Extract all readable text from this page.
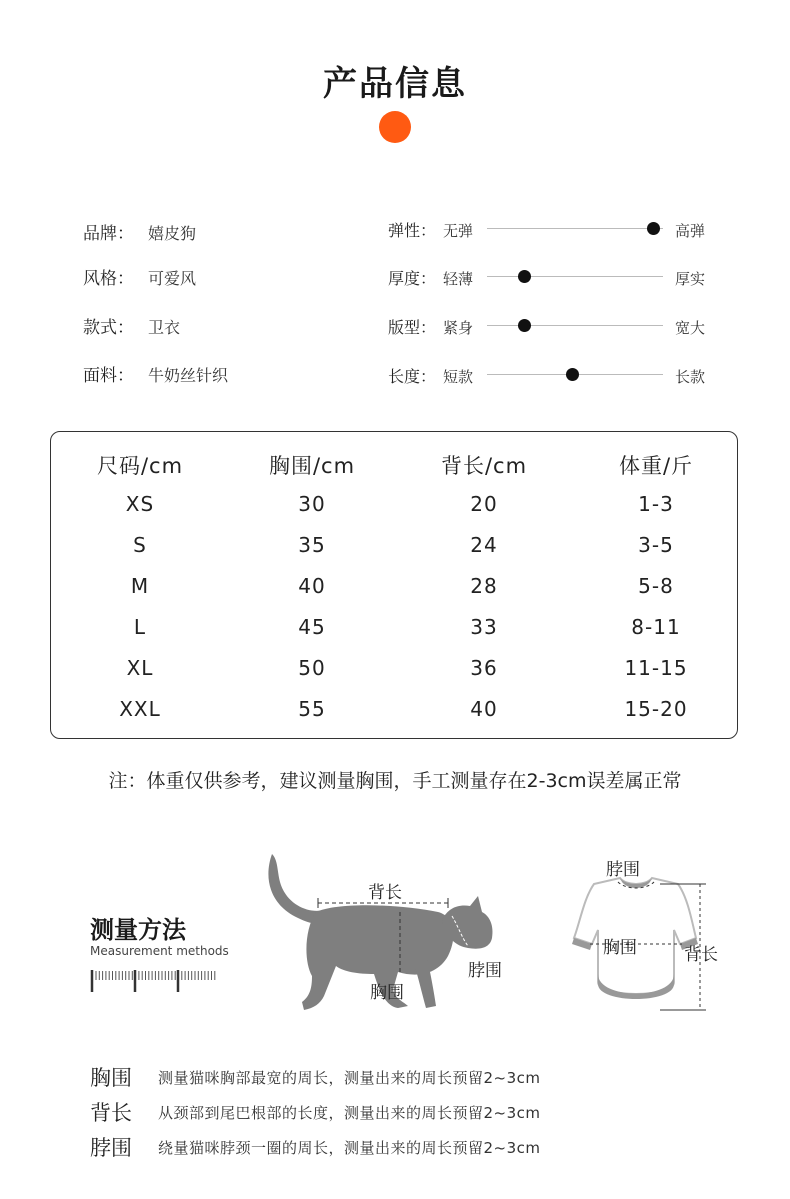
产品信息
品牌： 嬉皮狗
风格： 可爱风
款式： 卫衣
面料： 牛奶丝针织
弹性： 无弹	高弹
厚度： 轻薄	厚实
版型： 紧身	宽大
长度： 短款	长款
尺码/cm	胸围/cm	背长/cm	体重/斤
XS	30	20	1-3
S	35	24	3-5
M	40	28	5-8
L	45	33	8-11
XL	50	36	11-15
XXL	55	40	15-20
注：体重仅供参考，建议测量胸围，手工测量存在2-3cm误差属正常
测量方法
Measurement methods
背长
脖围
胸围
脖围
胸围	背长
胸围 测量猫咪胸部最宽的周长，测量出来的周长预留2~3cm
背长 从颈部到尾巴根部的长度，测量出来的周长预留2~3cm
脖围 绕量猫咪脖颈一圈的周长，测量出来的周长预留2~3cm
